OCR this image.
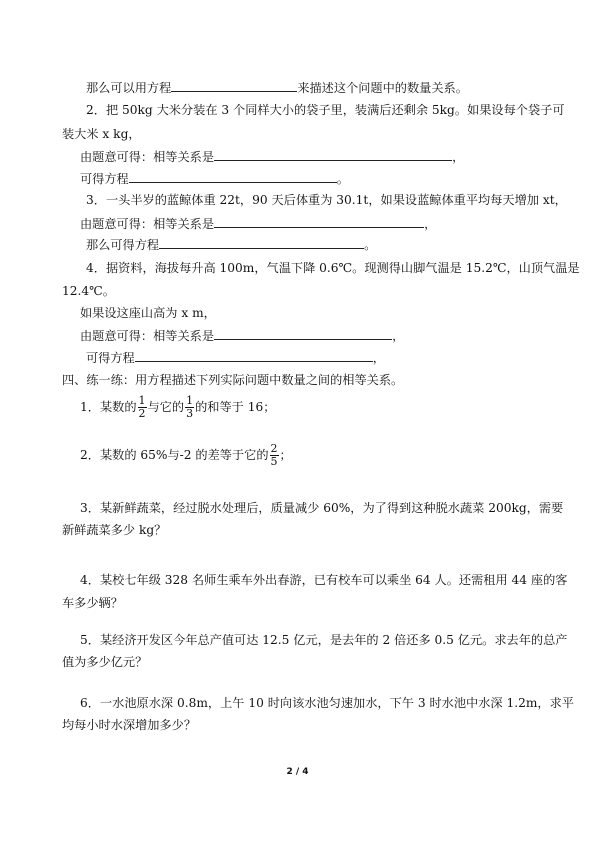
那么可以用方程	来描述这个问题中的数量关系。
2．把 50kg 大米分装在 3 个同样大小的袋子里，装满后还剩余 5kg。如果设每个袋子可
装大米 x kg，
由题意可得：相等关系是	，
可得方程	。
3．一头半岁的蓝鲸体重 22t，90 天后体重为 30.1t，如果设蓝鲸体重平均每天增加 xt，
由题意可得：相等关系是	，
那么可得方程	。
4．据资料，海拔每升高 100m，气温下降 0.6℃。现测得山脚气温是 15.2℃，山顶气温是
12.4℃。
如果设这座山高为 x m，
由题意可得：相等关系是	，
可得方程	，
四、练一练：用方程描述下列实际问题中数量之间的相等关系。
1．某数的 $\frac{1}{2}$ 与它的 $\frac{1}{3}$ 的和等于 16；
2．某数的 65%与-2 的差等于它的 $\frac{2}{5}$ ；
3．某新鲜蔬菜，经过脱水处理后，质量减少 60%，为了得到这种脱水蔬菜 200kg，需要
新鲜蔬菜多少 kg？
4．某校七年级 328 名师生乘车外出春游，已有校车可以乘坐 64 人。还需租用 44 座的客
车多少辆？
5．某经济开发区今年总产值可达 12.5 亿元，是去年的 2 倍还多 0.5 亿元。求去年的总产
值为多少亿元？
6．一水池原水深 0.8m，上午 10 时向该水池匀速加水，下午 3 时水池中水深 1.2m，求平
均每小时水深增加多少？
2 / 4
